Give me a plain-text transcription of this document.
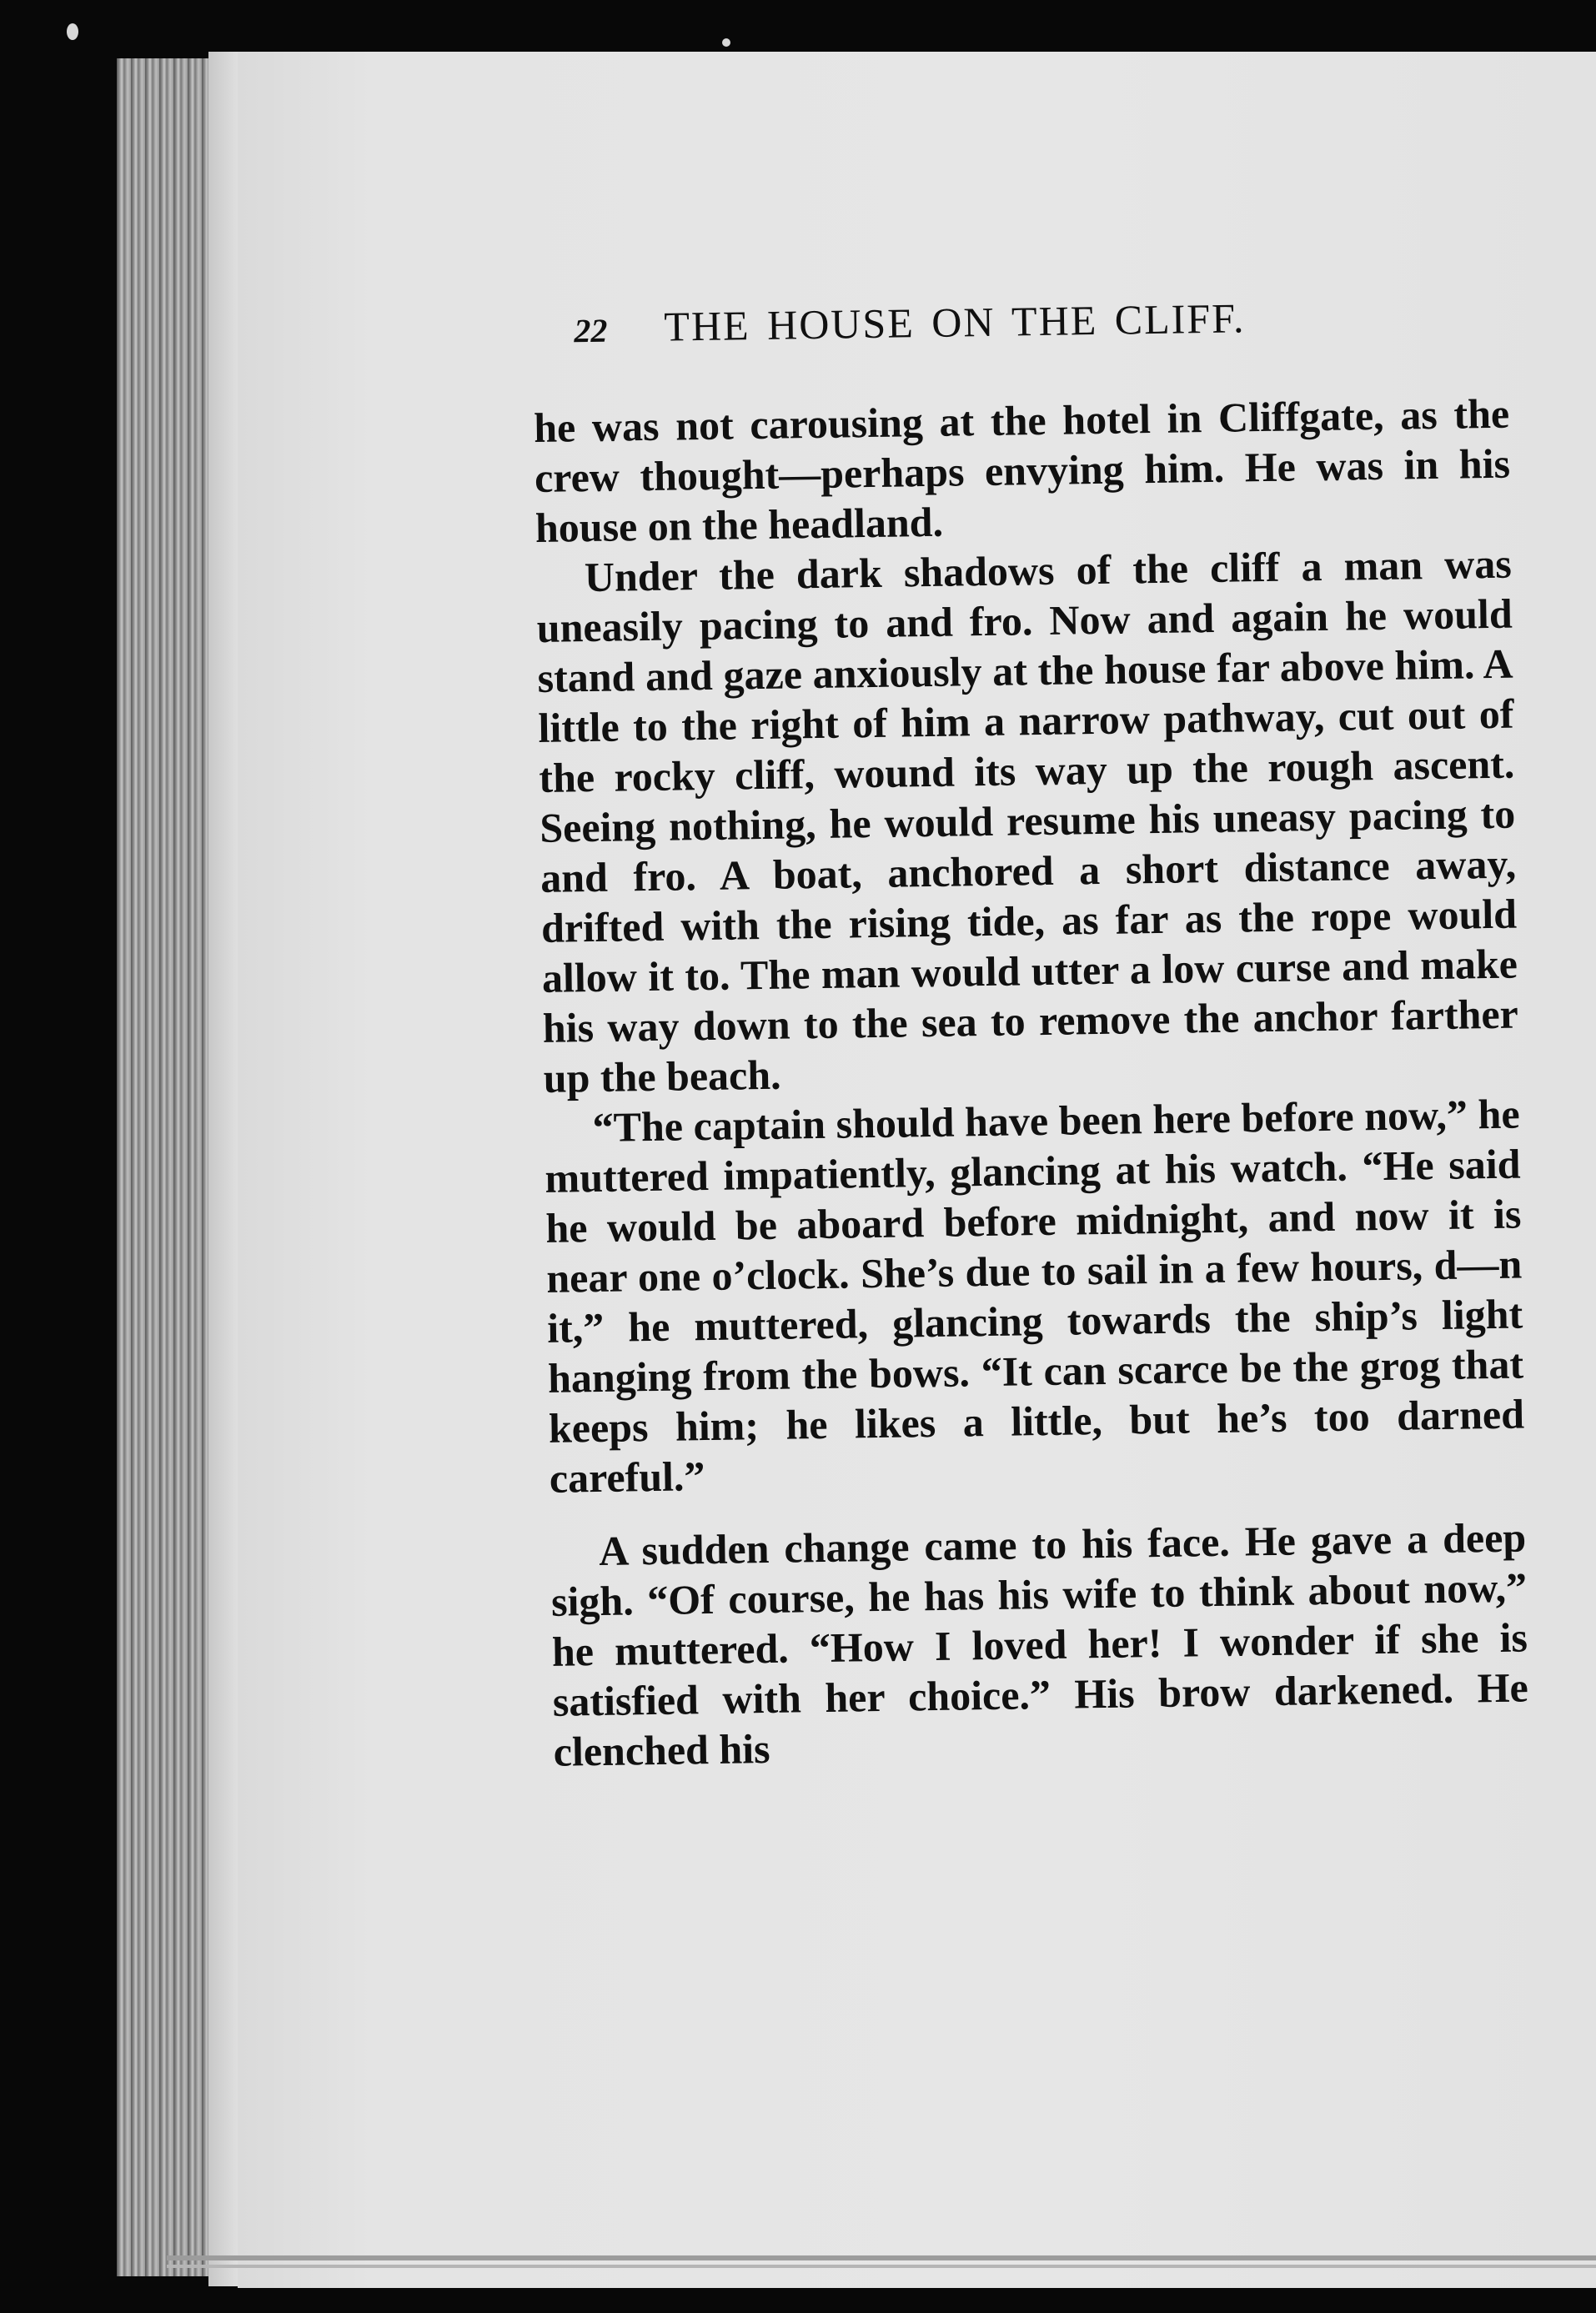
22	THE HOUSE ON THE CLIFF.

he was not carousing at the hotel in Cliffgate, as the crew thought—perhaps envying him. He was in his house on the headland.

Under the dark shadows of the cliff a man was uneasily pacing to and fro. Now and again he would stand and gaze anxiously at the house far above him. A little to the right of him a narrow pathway, cut out of the rocky cliff, wound its way up the rough ascent. Seeing nothing, he would resume his uneasy pacing to and fro. A boat, anchored a short distance away, drifted with the rising tide, as far as the rope would allow it to. The man would utter a low curse and make his way down to the sea to remove the anchor farther up the beach.

“The captain should have been here before now,” he muttered impatiently, glancing at his watch. “He said he would be aboard before midnight, and now it is near one o’clock. She’s due to sail in a few hours, d—n it,” he muttered, glancing towards the ship’s light hanging from the bows. “It can scarce be the grog that keeps him; he likes a little, but he’s too darned careful.”

A sudden change came to his face. He gave a deep sigh. “Of course, he has his wife to think about now,” he muttered. “How I loved her! I wonder if she is satisfied with her choice.” His brow darkened. He clenched his
